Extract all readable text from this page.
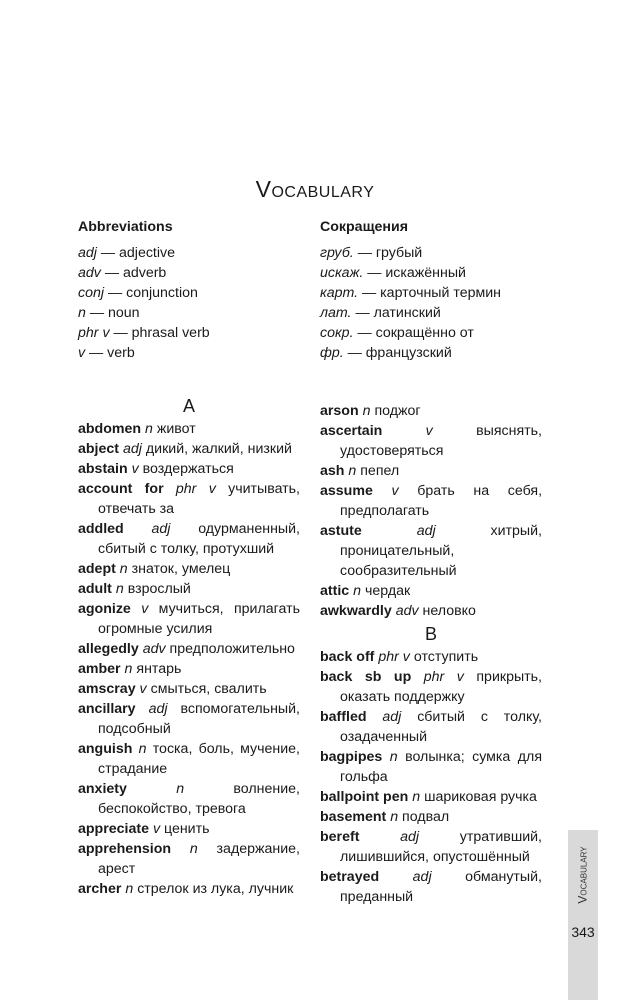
Vocabulary
Abbreviations
adj — adjective
adv — adverb
conj — conjunction
n — noun
phr v — phrasal verb
v — verb
Сокращения
груб. — грубый
искаж. — искажённый
карт. — карточный термин
лат. — латинский
сокр. — сокращённо от
фр. — французский
A
abdomen n живот
abject adj дикий, жалкий, низкий
abstain v воздержаться
account for phr v учитывать, отвечать за
addled adj одурманенный, сбитый с толку, протухший
adept n знаток, умелец
adult n взрослый
agonize v мучиться, прилагать огромные усилия
allegedly adv предположительно
amber n янтарь
amscray v смыться, свалить
ancillary adj вспомогательный, подсобный
anguish n тоска, боль, мучение, страдание
anxiety	n	волнение, беспокойство, тревога
appreciate v ценить
apprehension n задержание, арест
archer n стрелок из лука, лучник
arson n поджог
ascertain	v	выяснять, удостоверяться
ash n пепел
assume v брать на себя, предполагать
astute	adj	хитрый, проницательный, сообразительный
attic n чердак
awkwardly adv неловко
B
back off phr v отступить
back sb up phr v прикрыть, оказать поддержку
baffled adj сбитый с толку, озадаченный
bagpipes n волынка; сумка для гольфа
ballpoint pen n шариковая ручка
basement n подвал
bereft	adj	утративший, лишившийся, опустошённый
betrayed adj обманутый, преданный	Vocabulary
343
